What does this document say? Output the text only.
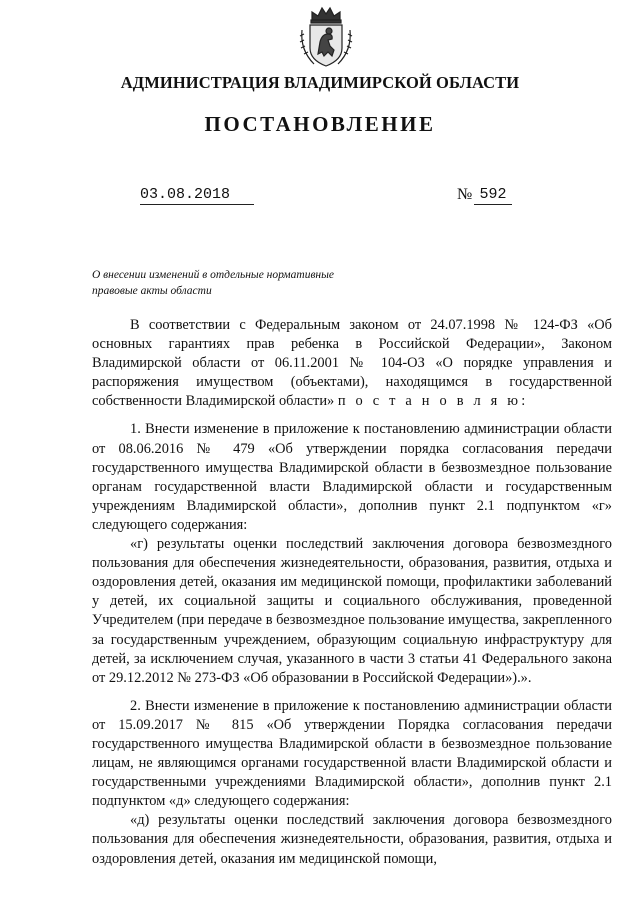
АДМИНИСТРАЦИЯ ВЛАДИМИРСКОЙ ОБЛАСТИ
ПОСТАНОВЛЕНИЕ
03.08.2018	№ 592
О внесении изменений в отдельные нормативные
правовые акты области

В соответствии с Федеральным законом от 24.07.1998 № 124-ФЗ «Об основных гарантиях прав ребенка в Российской Федерации», Законом Владимирской области от 06.11.2001 № 104-ОЗ «О порядке управления и распоряжения имуществом (объектами), находящимся в государственной собственности Владимирской области» п о с т а н о в л я ю:

1. Внести изменение в приложение к постановлению администрации области от 08.06.2016 № 479 «Об утверждении порядка согласования передачи государственного имущества Владимирской области в безвозмездное пользование органам государственной власти Владимирской области и государственным учреждениям Владимирской области», дополнив пункт 2.1 подпунктом «г» следующего содержания:

«г) результаты оценки последствий заключения договора безвозмездного пользования для обеспечения жизнедеятельности, образования, развития, отдыха и оздоровления детей, оказания им медицинской помощи, профилактики заболеваний у детей, их социальной защиты и социального обслуживания, проведенной Учредителем (при передаче в безвозмездное пользование имущества, закрепленного за государственным учреждением, образующим социальную инфраструктуру для детей, за исключением случая, указанного в части 3 статьи 41 Федерального закона от 29.12.2012 № 273-ФЗ «Об образовании в Российской Федерации»).».

2. Внести изменение в приложение к постановлению администрации области от 15.09.2017 № 815 «Об утверждении Порядка согласования передачи государственного имущества Владимирской области в безвозмездное пользование лицам, не являющимся органами государственной власти Владимирской области и государственными учреждениями Владимирской области», дополнив пункт 2.1 подпунктом «д» следующего содержания:

«д) результаты оценки последствий заключения договора безвозмездного пользования для обеспечения жизнедеятельности, образования, развития, отдыха и оздоровления детей, оказания им медицинской помощи,
